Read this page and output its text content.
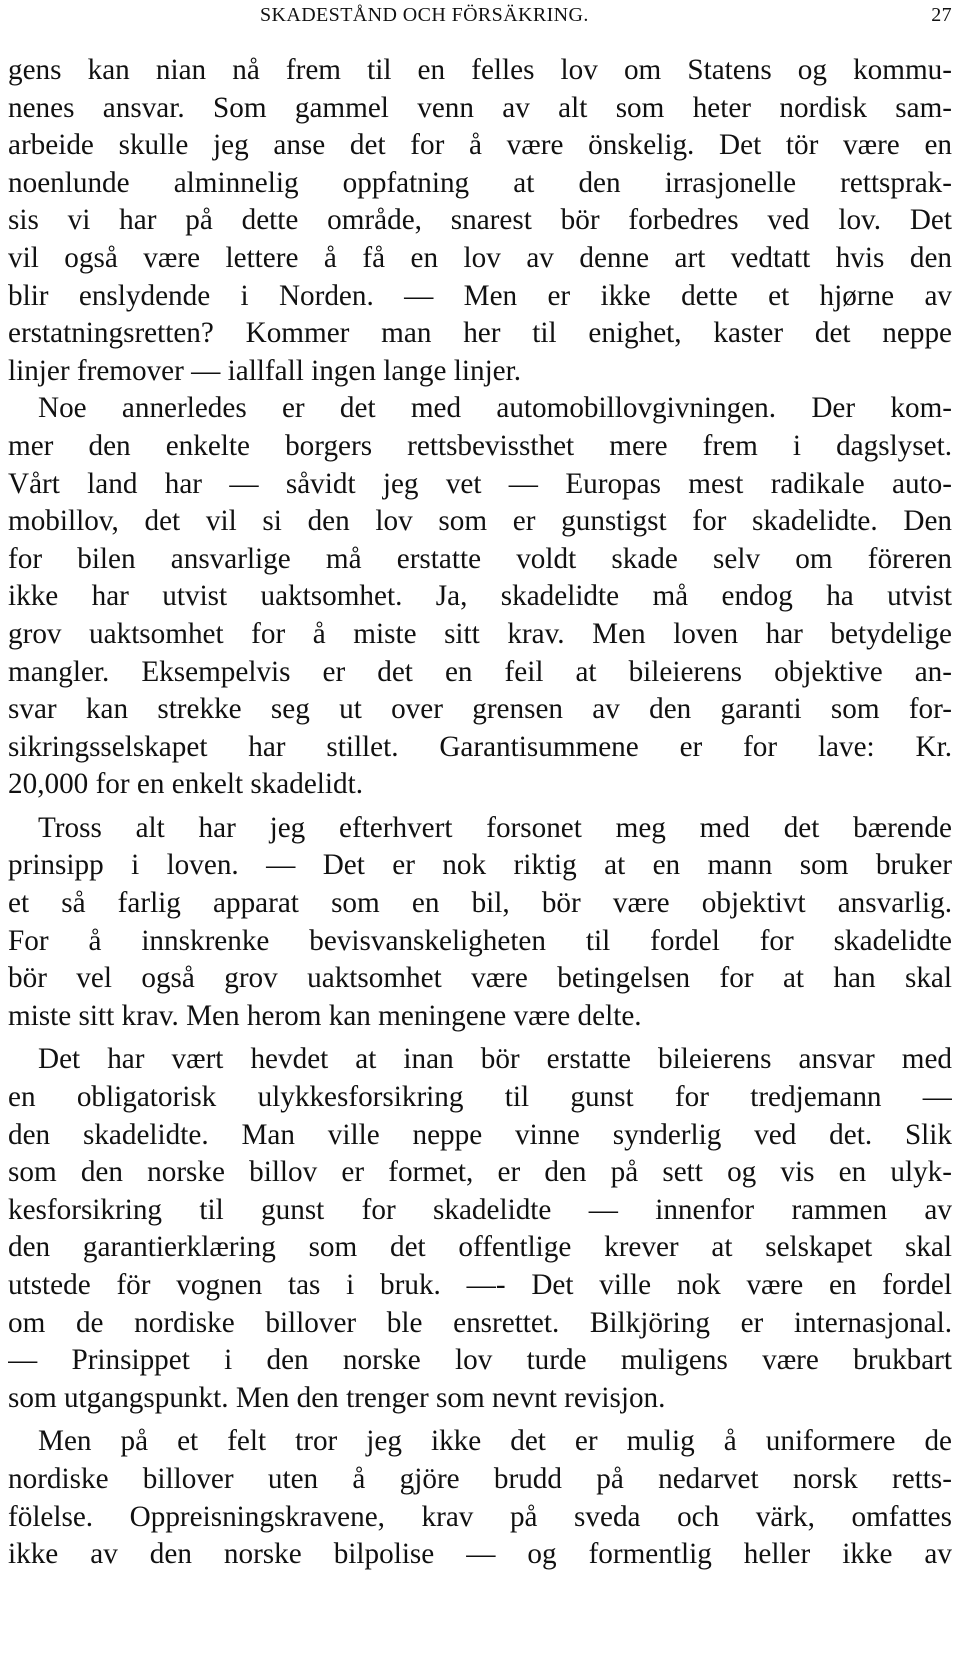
SKADESTÅND OCH FÖRSÄKRING.	27
gens kan nian nå frem til en felles lov om Statens og kommu-
nenes ansvar. Som gammel venn av alt som heter nordisk sam-
arbeide skulle jeg anse det for å være önskelig. Det tör være en
noenlunde alminnelig oppfatning at den irrasjonelle rettsprak-
sis vi har på dette område, snarest bör forbedres ved lov. Det
vil også være lettere å få en lov av denne art vedtatt hvis den
blir enslydende i Norden. — Men er ikke dette et hjørne av
erstatningsretten? Kommer man her til enighet, kaster det neppe
linjer fremover — iallfall ingen lange linjer.
Noe annerledes er det med automobillovgivningen. Der kom-
mer den enkelte borgers rettsbevissthet mere frem i dagslyset.
Vårt land har — såvidt jeg vet — Europas mest radikale auto-
mobillov, det vil si den lov som er gunstigst for skadelidte. Den
for bilen ansvarlige må erstatte voldt skade selv om föreren
ikke har utvist uaktsomhet. Ja, skadelidte må endog ha utvist
grov uaktsomhet for å miste sitt krav. Men loven har betydelige
mangler. Eksempelvis er det en feil at bileierens objektive an-
svar kan strekke seg ut over grensen av den garanti som for-
sikringsselskapet har stillet. Garantisummene er for lave: Kr.
20,000 for en enkelt skadelidt.
Tross alt har jeg efterhvert forsonet meg med det bærende
prinsipp i loven. — Det er nok riktig at en mann som bruker
et så farlig apparat som en bil, bör være objektivt ansvarlig.
For å innskrenke bevisvanskeligheten til fordel for skadelidte
bör vel også grov uaktsomhet være betingelsen for at han skal
miste sitt krav. Men herom kan meningene være delte.
Det har vært hevdet at inan bör erstatte bileierens ansvar med
en obligatorisk ulykkesforsikring til gunst for tredjemann —
den skadelidte. Man ville neppe vinne synderlig ved det. Slik
som den norske billov er formet, er den på sett og vis en ulyk-
kesforsikring til gunst for skadelidte — innenfor rammen av
den garantierklæring som det offentlige krever at selskapet skal
utstede för vognen tas i bruk. —- Det ville nok være en fordel
om de nordiske billover ble ensrettet. Bilkjöring er internasjonal.
— Prinsippet i den norske lov turde muligens være brukbart
som utgangspunkt. Men den trenger som nevnt revisjon.
Men på et felt tror jeg ikke det er mulig å uniformere de
nordiske billover uten å gjöre brudd på nedarvet norsk retts-
fölelse. Oppreisningskravene, krav på sveda och värk, omfattes
ikke av den norske bilpolise — og formentlig heller ikke av
